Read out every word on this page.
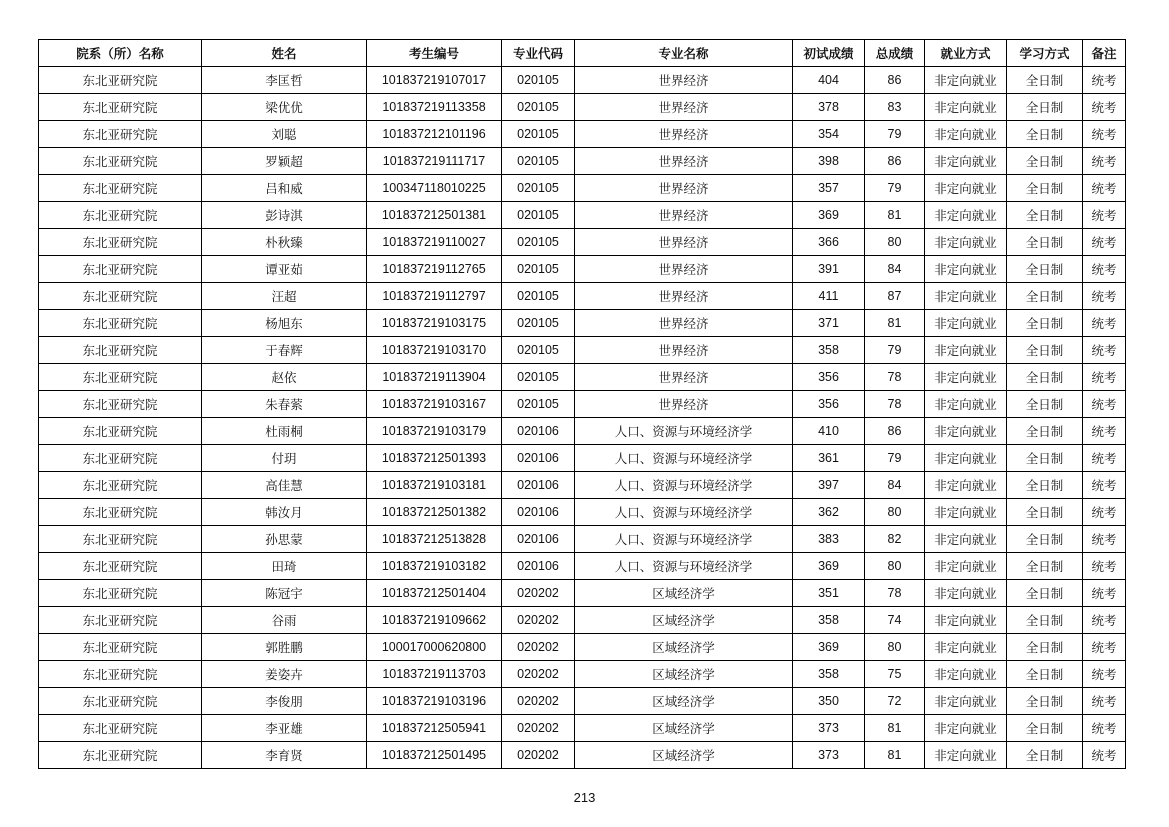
院系（所）名称	姓名	考生编号	专业代码	专业名称	初试成绩	总成绩	就业方式	学习方式	备注
东北亚研究院	李匡哲	101837219107017	020105	世界经济	404	86	非定向就业	全日制	统考
东北亚研究院	梁优优	101837219113358	020105	世界经济	378	83	非定向就业	全日制	统考
东北亚研究院	刘聪	101837212101196	020105	世界经济	354	79	非定向就业	全日制	统考
东北亚研究院	罗颖超	101837219111717	020105	世界经济	398	86	非定向就业	全日制	统考
东北亚研究院	吕和威	100347118010225	020105	世界经济	357	79	非定向就业	全日制	统考
东北亚研究院	彭诗淇	101837212501381	020105	世界经济	369	81	非定向就业	全日制	统考
东北亚研究院	朴秋臻	101837219110027	020105	世界经济	366	80	非定向就业	全日制	统考
东北亚研究院	谭亚茹	101837219112765	020105	世界经济	391	84	非定向就业	全日制	统考
东北亚研究院	汪超	101837219112797	020105	世界经济	411	87	非定向就业	全日制	统考
东北亚研究院	杨旭东	101837219103175	020105	世界经济	371	81	非定向就业	全日制	统考
东北亚研究院	于春辉	101837219103170	020105	世界经济	358	79	非定向就业	全日制	统考
东北亚研究院	赵依	101837219113904	020105	世界经济	356	78	非定向就业	全日制	统考
东北亚研究院	朱春萦	101837219103167	020105	世界经济	356	78	非定向就业	全日制	统考
东北亚研究院	杜雨桐	101837219103179	020106	人口、资源与环境经济学	410	86	非定向就业	全日制	统考
东北亚研究院	付玥	101837212501393	020106	人口、资源与环境经济学	361	79	非定向就业	全日制	统考
东北亚研究院	高佳慧	101837219103181	020106	人口、资源与环境经济学	397	84	非定向就业	全日制	统考
东北亚研究院	韩汝月	101837212501382	020106	人口、资源与环境经济学	362	80	非定向就业	全日制	统考
东北亚研究院	孙思蒙	101837212513828	020106	人口、资源与环境经济学	383	82	非定向就业	全日制	统考
东北亚研究院	田琦	101837219103182	020106	人口、资源与环境经济学	369	80	非定向就业	全日制	统考
东北亚研究院	陈冠宇	101837212501404	020202	区域经济学	351	78	非定向就业	全日制	统考
东北亚研究院	谷雨	101837219109662	020202	区域经济学	358	74	非定向就业	全日制	统考
东北亚研究院	郭胜鹏	100017000620800	020202	区域经济学	369	80	非定向就业	全日制	统考
东北亚研究院	姜姿卉	101837219113703	020202	区域经济学	358	75	非定向就业	全日制	统考
东北亚研究院	李俊朋	101837219103196	020202	区域经济学	350	72	非定向就业	全日制	统考
东北亚研究院	李亚雄	101837212505941	020202	区域经济学	373	81	非定向就业	全日制	统考
东北亚研究院	李育贤	101837212501495	020202	区域经济学	373	81	非定向就业	全日制	统考
213
